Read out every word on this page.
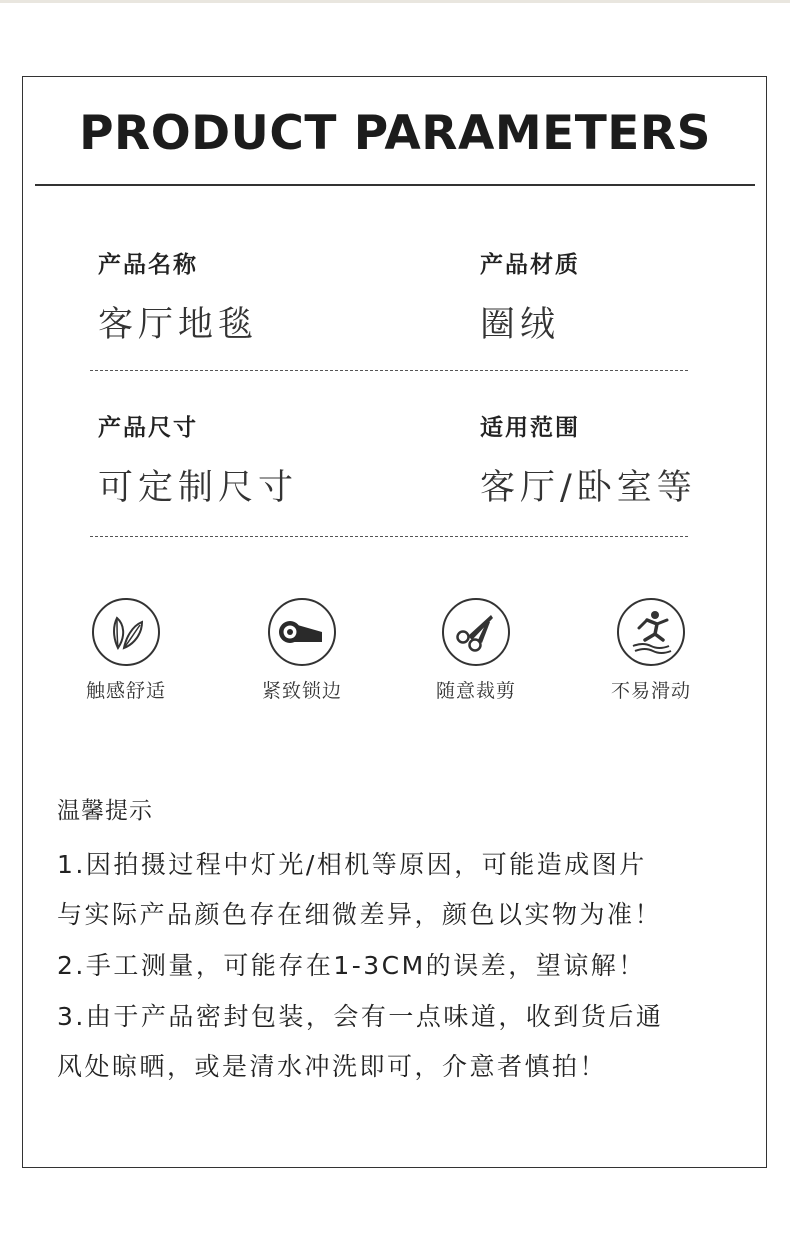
PRODUCT PARAMETERS
产品名称
客厅地毯
产品材质
圈绒
产品尺寸
可定制尺寸
适用范围
客厅/卧室等
触感舒适	紧致锁边	随意裁剪	不易滑动
温馨提示
1.因拍摄过程中灯光/相机等原因，可能造成图片
与实际产品颜色存在细微差异，颜色以实物为准！
2.手工测量，可能存在1-3CM的误差，望谅解！
3.由于产品密封包装，会有一点味道，收到货后通
风处晾晒，或是清水冲洗即可，介意者慎拍！
